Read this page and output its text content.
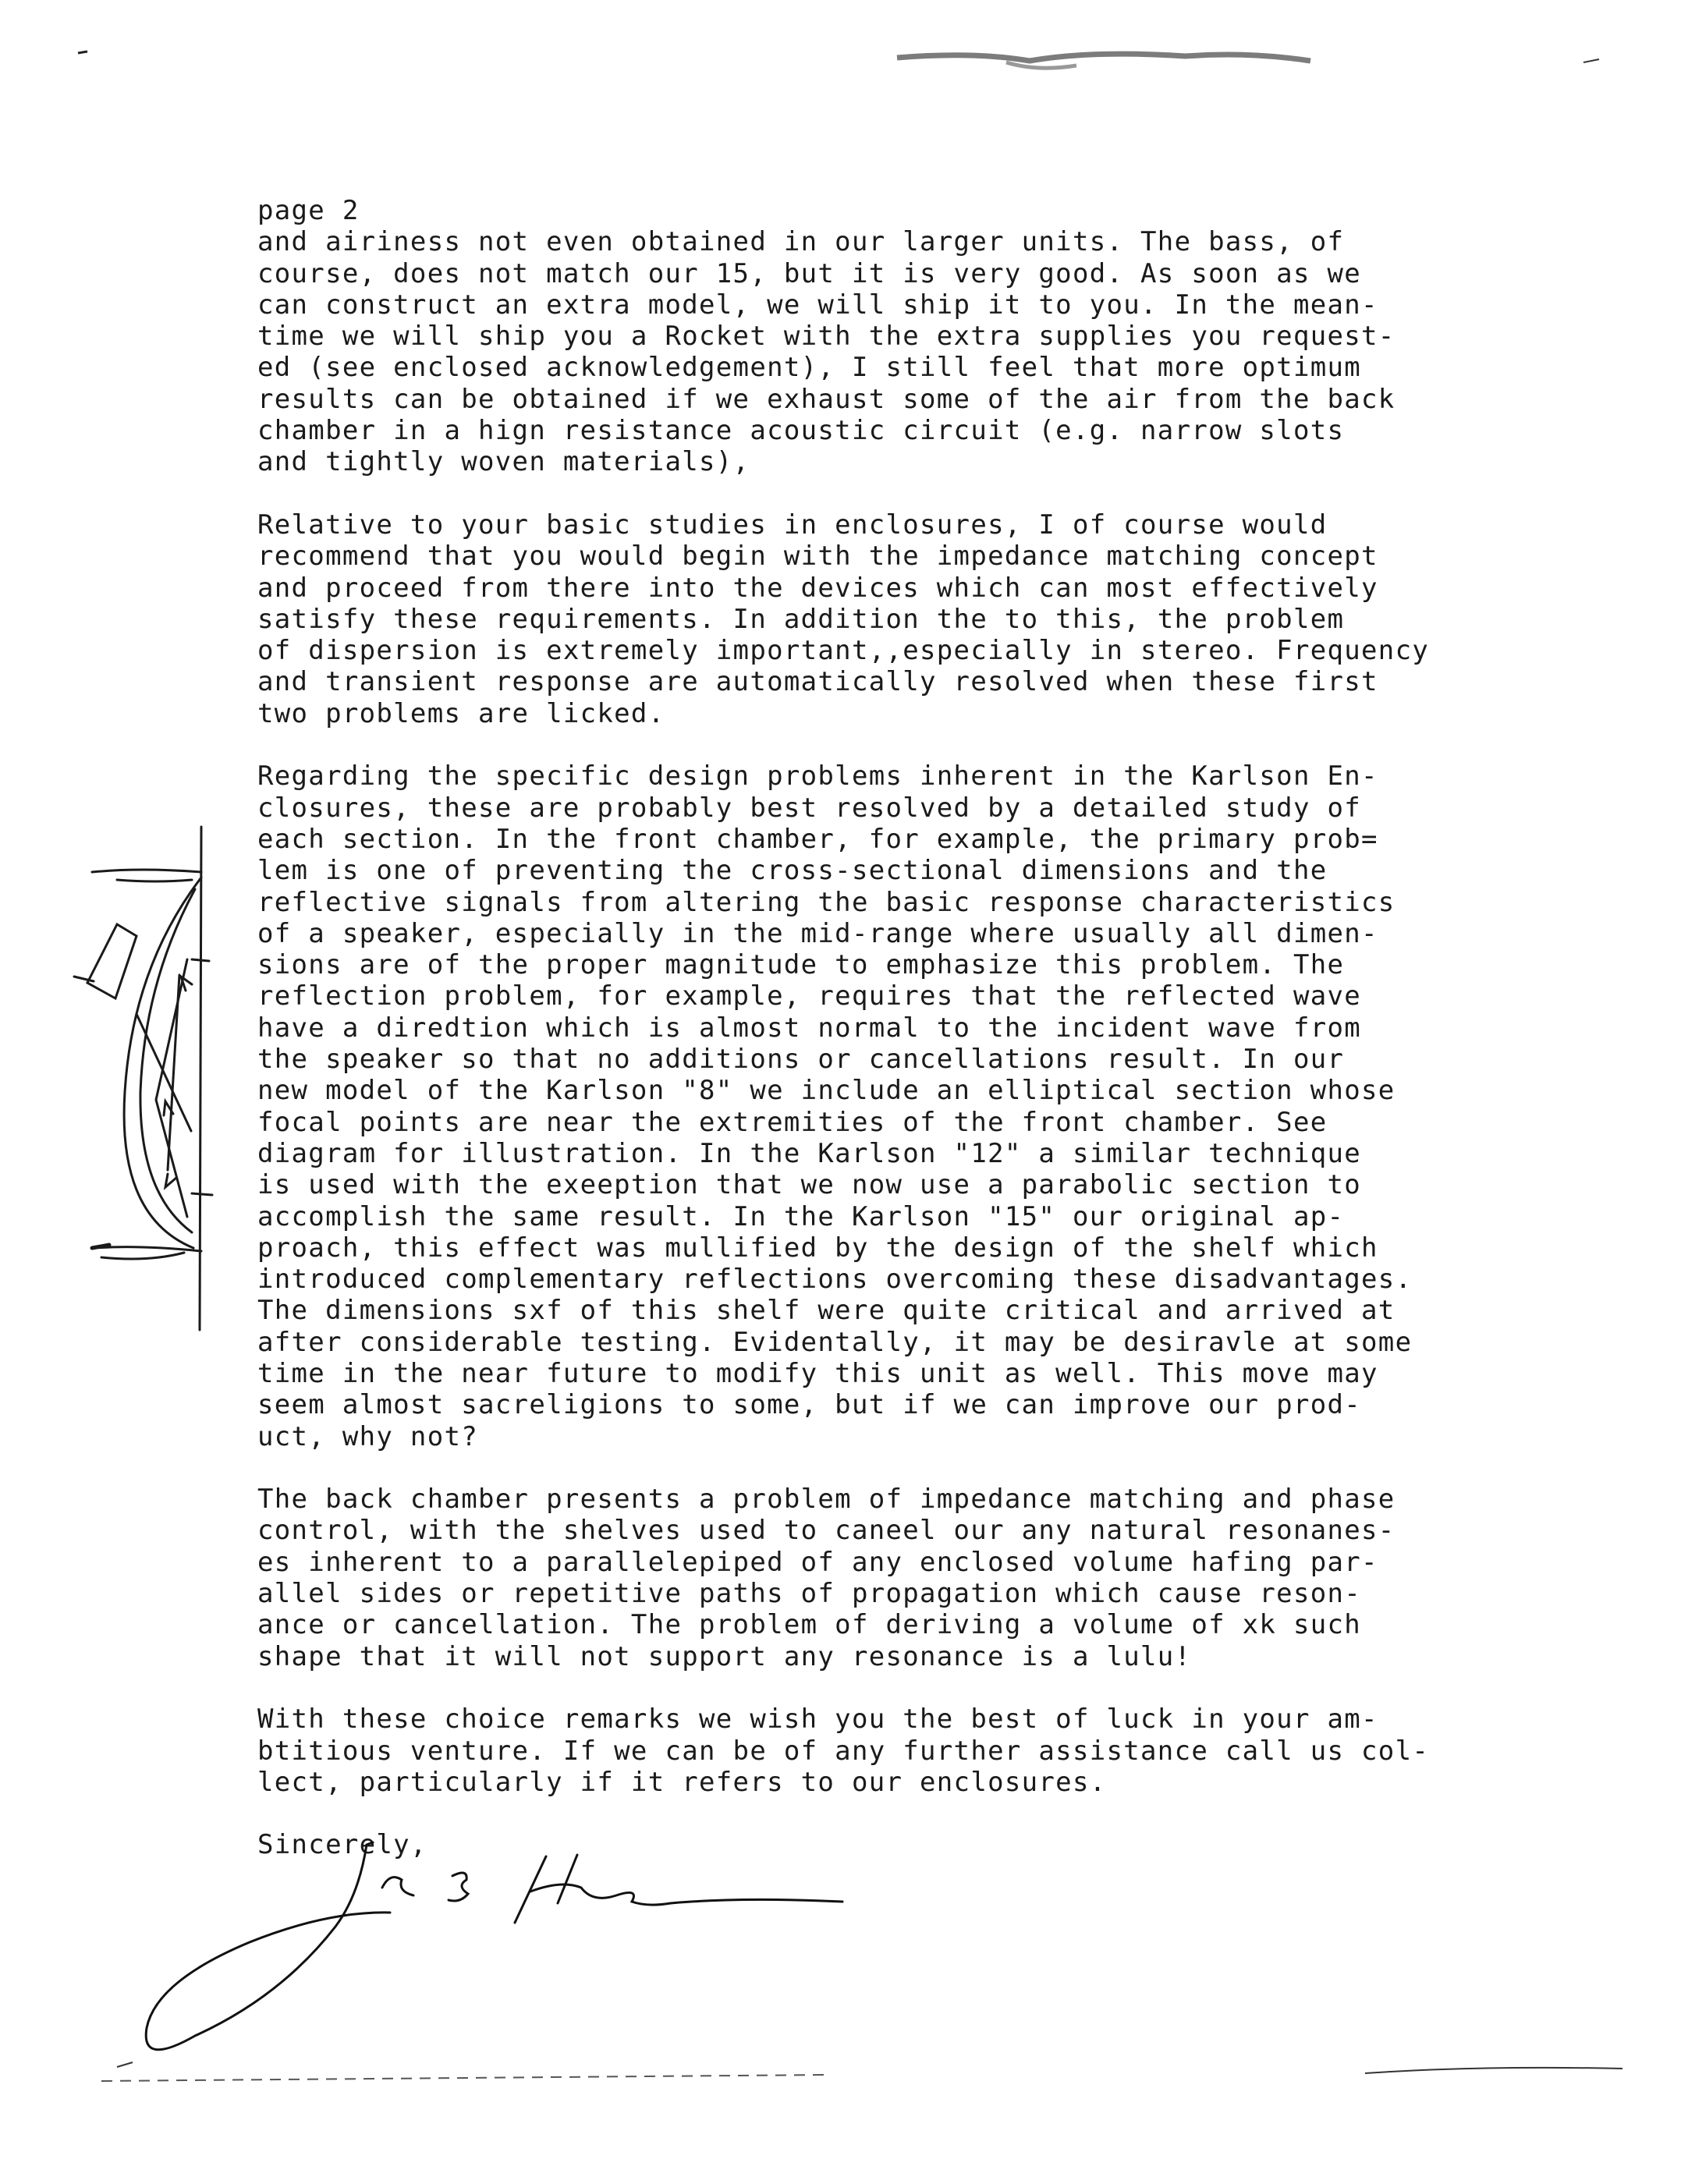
page 2
and airiness not even obtained in our larger units. The bass, of
course, does not match our 15, but it is very good. As soon as we
can construct an extra model, we will ship it to you. In the mean-
time we will ship you a Rocket with the extra supplies you request-
ed (see enclosed acknowledgement), I still feel that more optimum
results can be obtained if we exhaust some of the air from the back
chamber in a hign resistance acoustic circuit (e.g. narrow slots
and tightly woven materials),
Relative to your basic studies in enclosures, I of course would
recommend that you would begin with the impedance matching concept
and proceed from there into the devices which can most effectively
satisfy these requirements. In addition the to this, the problem
of dispersion is extremely important,,especially in stereo. Frequency
and transient response are automatically resolved when these first
two problems are licked.
Regarding the specific design problems inherent in the Karlson En-
closures, these are probably best resolved by a detailed study of
each section. In the front chamber, for example, the primary prob=
lem is one of preventing the cross-sectional dimensions and the
reflective signals from altering the basic response characteristics
of a speaker, especially in the mid-range where usually all dimen-
sions are of the proper magnitude to emphasize this problem. The
reflection problem, for example, requires that the reflected wave
have a diredtion which is almost normal to the incident wave from
the speaker so that no additions or cancellations result. In our
new model of the Karlson "8" we include an elliptical section whose
focal points are near the extremities of the front chamber. See
diagram for illustration. In the Karlson "12" a similar technique
is used with the exeeption that we now use a parabolic section to
accomplish the same result. In the Karlson "15" our original ap-
proach, this effect was mullified by the design of the shelf which
introduced complementary reflections overcoming these disadvantages.
The dimensions sxf of this shelf were quite critical and arrived at
after considerable testing. Evidentally, it may be desiravle at some
time in the near future to modify this unit as well. This move may
seem almost sacreligions to some, but if we can improve our prod-
uct, why not?
The back chamber presents a problem of impedance matching and phase
control, with the shelves used to caneel our any natural resonanes-
es inherent to a parallelepiped of any enclosed volume hafing par-
allel sides or repetitive paths of propagation which cause reson-
ance or cancellation. The problem of deriving a volume of xk such
shape that it will not support any resonance is a lulu!
With these choice remarks we wish you the best of luck in your am-
btitious venture. If we can be of any further assistance call us col-
lect, particularly if it refers to our enclosures.
Sincerely,
